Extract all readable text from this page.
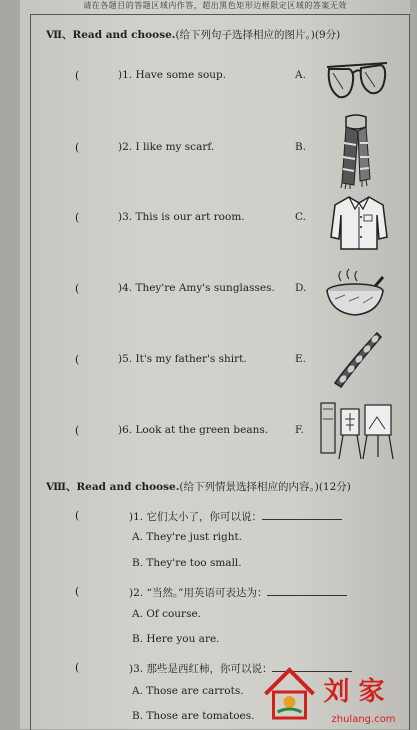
请在各题目的答题区域内作答，超出黑色矩形边框限定区域的答案无效
Ⅶ、Read and choose.(给下列句子选择相应的图片。)(9分)
(	)1. Have some soup.	A.
(	)2. I like my scarf.	B.
(	)3. This is our art room.	C.
(	)4. They're Amy's sunglasses. D.
(	)5. It's my father's shirt.	E.
(	)6. Look at the green beans.	F.
Ⅷ、Read and choose.(给下列情景选择相应的内容。)(12分)
(	)1. 它们太小了，你可以说：
A. They're just right.
B. They're too small.
(	)2. “当然。”用英语可表达为：
A. Of course.
B. Here you are.
(	)3. 那些是西红柿，你可以说：
A. Those are carrots.
B. Those are tomatoes.
刘 家
zhulang.com
